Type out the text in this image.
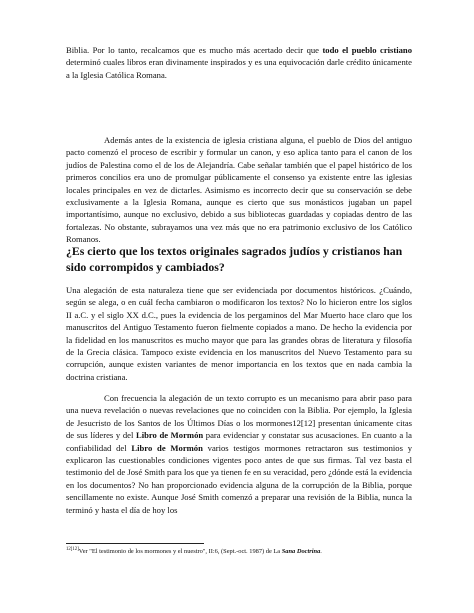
Biblia. Por lo tanto, recalcamos que es mucho más acertado decir que todo el pueblo cristiano determinó cuales libros eran divinamente inspirados y es una equivocación darle crédito únicamente a la Iglesia Católica Romana.

Además antes de la existencia de iglesia cristiana alguna, el pueblo de Dios del antiguo pacto comenzó el proceso de escribir y formular un canon, y eso aplica tanto para el canon de los judíos de Palestina como el de los de Alejandría. Cabe señalar también que el papel histórico de los primeros concilios era uno de promulgar públicamente el consenso ya existente entre las iglesias locales principales en vez de dictarles. Asimismo es incorrecto decir que su conservación se debe exclusivamente a la Iglesia Romana, aunque es cierto que sus monásticos jugaban un papel importantísimo, aunque no exclusivo, debido a sus bibliotecas guardadas y copiadas dentro de las fortalezas. No obstante, subrayamos una vez más que no era patrimonio exclusivo de los Católico Romanos.

¿Es cierto que los textos originales sagrados judíos y cristianos han sido corrompidos y cambiados?

Una alegación de esta naturaleza tiene que ser evidenciada por documentos históricos. ¿Cuándo, según se alega, o en cuál fecha cambiaron o modificaron los textos? No lo hicieron entre los siglos II a.C. y el siglo XX d.C., pues la evidencia de los pergaminos del Mar Muerto hace claro que los manuscritos del Antiguo Testamento fueron fielmente copiados a mano. De hecho la evidencia por la fidelidad en los manuscritos es mucho mayor que para las grandes obras de literatura y filosofía de la Grecia clásica. Tampoco existe evidencia en los manuscritos del Nuevo Testamento para su corrupción, aunque existen variantes de menor importancia en los textos que en nada cambia la doctrina cristiana.

Con frecuencia la alegación de un texto corrupto es un mecanismo para abrir paso para una nueva revelación o nuevas revelaciones que no coinciden con la Biblia. Por ejemplo, la Iglesia de Jesucristo de los Santos de los Últimos Días o los mormones12[12] presentan únicamente citas de sus líderes y del Libro de Mormón para evidenciar y constatar sus acusaciones. En cuanto a la confiabilidad del Libro de Mormón varios testigos mormones retractaron sus testimonios y explicaron las cuestionables condiciones vigentes poco antes de que sus firmas. Tal vez basta el testimonio del de José Smith para los que ya tienen fe en su veracidad, pero ¿dónde está la evidencia en los documentos? No han proporcionado evidencia alguna de la corrupción de la Biblia, porque sencillamente no existe. Aunque José Smith comenzó a preparar una revisión de la Biblia, nunca la terminó y hasta el día de hoy los

$^{12[12]}$Ver "El testimonio de los mormones y el nuestro", II:6, (Sept.-oct. 1987) de La Sana Doctrina.
